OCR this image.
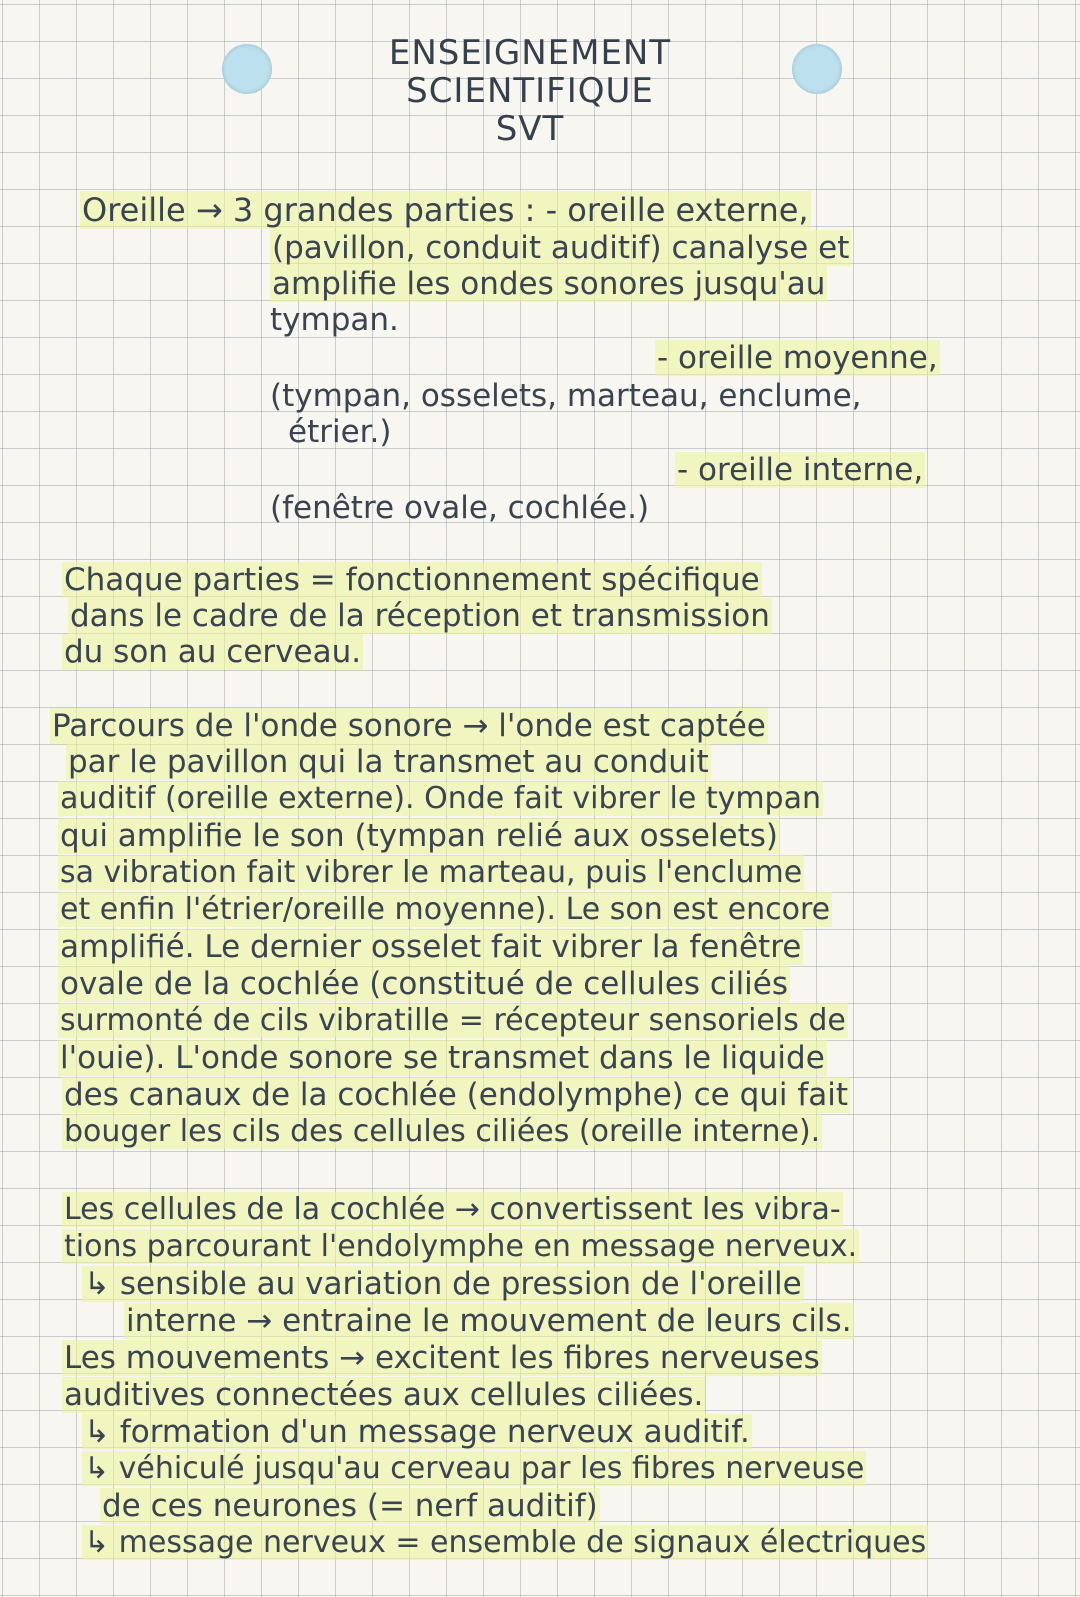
ENSEIGNEMENT
SCIENTIFIQUE
SVT
Oreille → 3 grandes parties : - oreille externe,
(pavillon, conduit auditif) canalyse et
amplifie les ondes sonores jusqu'au
tympan.
- oreille moyenne,
(tympan, osselets, marteau, enclume,
étrier.)
- oreille interne,
(fenêtre ovale, cochlée.)
Chaque parties = fonctionnement spécifique
dans le cadre de la réception et transmission
du son au cerveau.
Parcours de l'onde sonore → l'onde est captée
par le pavillon qui la transmet au conduit
auditif (oreille externe). Onde fait vibrer le tympan
qui amplifie le son (tympan relié aux osselets)
sa vibration fait vibrer le marteau, puis l'enclume
et enfin l'étrier/oreille moyenne). Le son est encore
amplifié. Le dernier osselet fait vibrer la fenêtre
ovale de la cochlée (constitué de cellules ciliés
surmonté de cils vibratille = récepteur sensoriels de
l'ouie). L'onde sonore se transmet dans le liquide
des canaux de la cochlée (endolymphe) ce qui fait
bouger les cils des cellules ciliées (oreille interne).
Les cellules de la cochlée → convertissent les vibra-
tions parcourant l'endolymphe en message nerveux.
↳ sensible au variation de pression de l'oreille
interne → entraine le mouvement de leurs cils.
Les mouvements → excitent les fibres nerveuses
auditives connectées aux cellules ciliées.
↳ formation d'un message nerveux auditif.
↳ véhiculé jusqu'au cerveau par les fibres nerveuse
de ces neurones (= nerf auditif)
↳ message nerveux = ensemble de signaux électriques
